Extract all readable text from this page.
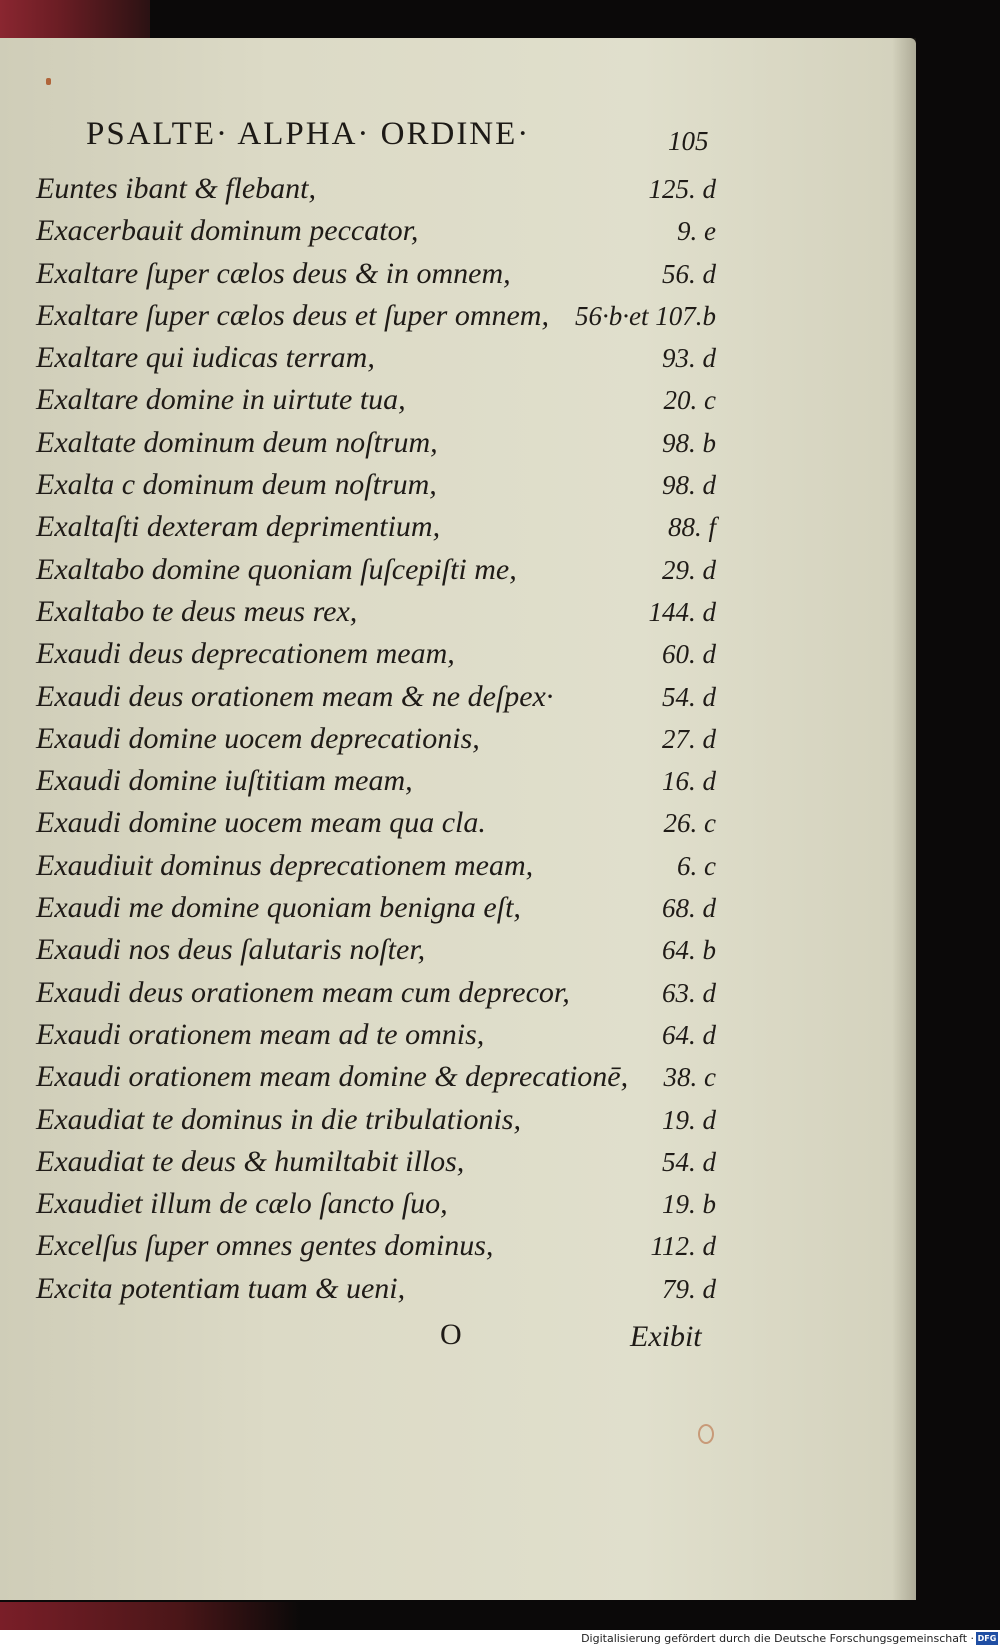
PSALTE· ALPHA· ORDINE·	105
Euntes ibant & flebant,	125. d
Exacerbauit dominum peccator,	9. e
Exaltare ſuper cælos deus & in omnem,	56. d
Exaltare ſuper cælos deus et ſuper omnem, 56·b·et 107.b
Exaltare qui iudicas terram,	93. d
Exaltare domine in uirtute tua,	20. c
Exaltate dominum deum noſtrum,	98. b
Exalta c dominum deum noſtrum,	98. d
Exaltaſti dexteram deprimentium,	88. f
Exaltabo domine quoniam ſuſcepiſti me,	29. d
Exaltabo te deus meus rex,	144. d
Exaudi deus deprecationem meam,	60. d
Exaudi deus orationem meam & ne deſpex·	54. d
Exaudi domine uocem deprecationis,	27. d
Exaudi domine iuſtitiam meam,	16. d
Exaudi domine uocem meam qua cla.	26. c
Exaudiuit dominus deprecationem meam,	6. c
Exaudi me domine quoniam benigna eſt,	68. d
Exaudi nos deus ſalutaris noſter,	64. b
Exaudi deus orationem meam cum deprecor,	63. d
Exaudi orationem meam ad te omnis,	64. d
Exaudi orationem meam domine & deprecationē, 38. c
Exaudiat te dominus in die tribulationis,	19. d
Exaudiat te deus & humiltabit illos,	54. d
Exaudiet illum de cælo ſancto ſuo,	19. b
Excelſus ſuper omnes gentes dominus,	112. d
Excita potentiam tuam & ueni,	79. d
O	Exibit
Digitalisierung gefördert durch die Deutsche Forschungsgemeinschaft · DFG
